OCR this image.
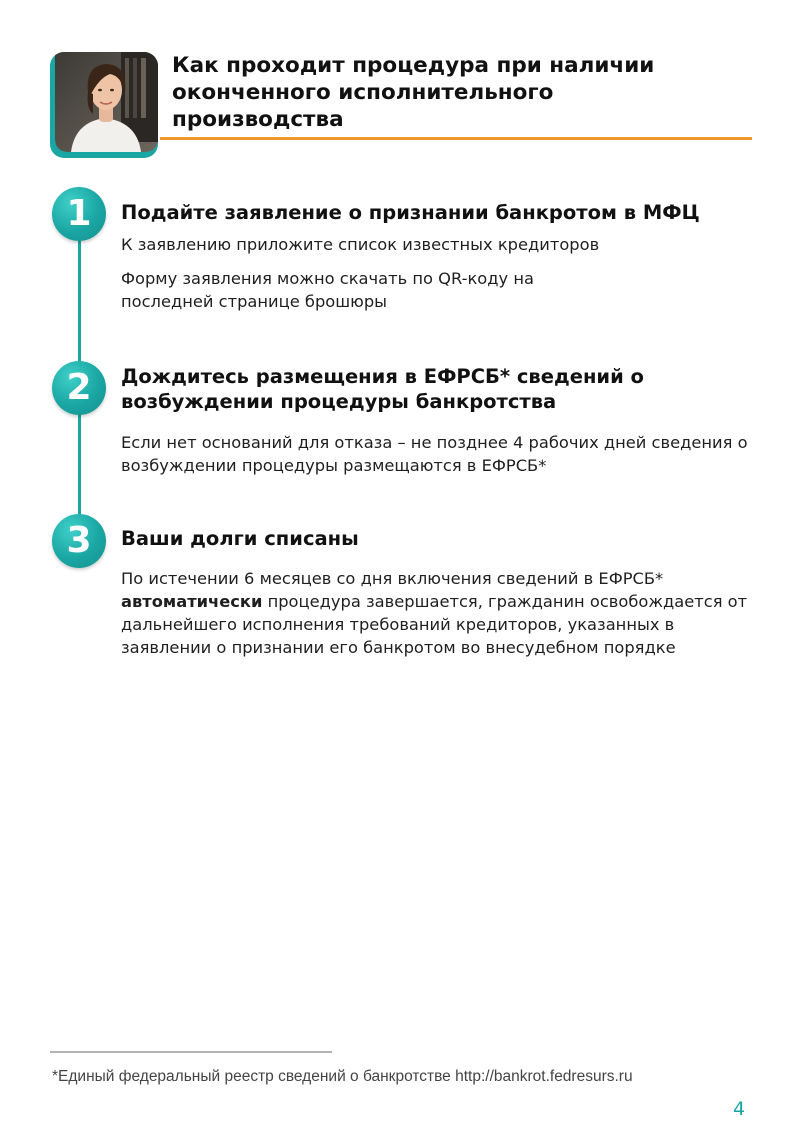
Как проходит процедура при наличии оконченного исполнительного производства
1	Подайте заявление о признании банкротом в МФЦ
К заявлению приложите список известных кредиторов
Форму заявления можно скачать по QR-коду на последней странице брошюры
2	Дождитесь размещения в ЕФРСБ* сведений о возбуждении процедуры банкротства
Если нет оснований для отказа – не позднее 4 рабочих дней сведения о возбуждении процедуры размещаются в ЕФРСБ*
3	Ваши долги списаны
По истечении 6 месяцев со дня включения сведений в ЕФРСБ* автоматически процедура завершается, гражданин освобождается от дальнейшего исполнения требований кредиторов, указанных в заявлении о признании его банкротом во внесудебном порядке
*Единый федеральный реестр сведений о банкротстве http://bankrot.fedresurs.ru
4
